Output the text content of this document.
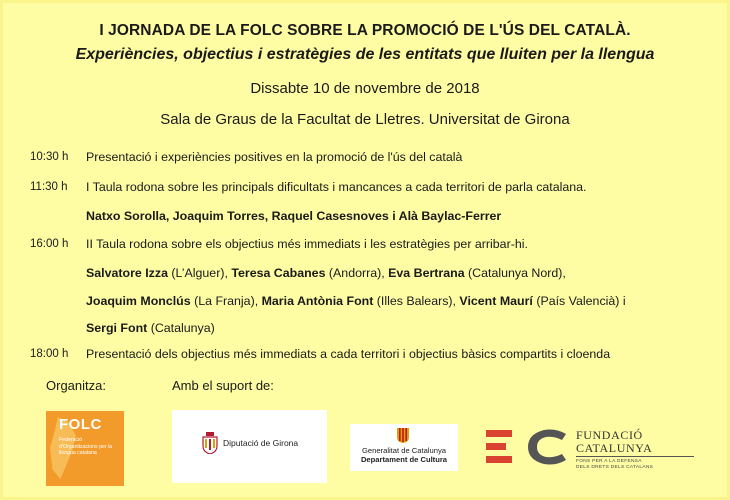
I JORNADA DE LA FOLC SOBRE LA PROMOCIÓ DE L'ÚS DEL CATALÀ.
Experiències, objectius i estratègies de les entitats que lluiten per la llengua
Dissabte 10 de novembre de 2018
Sala de Graus de la Facultat de Lletres. Universitat de Girona
10:30 h Presentació i experiències positives en la promoció de l'ús del català
11:30 h I Taula rodona sobre les principals dificultats i mancances a cada territori de parla catalana.
Natxo Sorolla, Joaquim Torres, Raquel Casesnoves i Alà Baylac-Ferrer
16:00 h II Taula rodona sobre els objectius més immediats i les estratègies per arribar-hi.
Salvatore Izza (L’Alguer), Teresa Cabanes (Andorra), Eva Bertrana (Catalunya Nord),
Joaquim Monclús (La Franja), Maria Antònia Font (Illes Balears), Vicent Maurí (País Valencià) i
Sergi Font (Catalunya)
18:00 h Presentació dels objectius més immediats a cada territori i objectius bàsics compartits i cloenda
Organitza:	Amb el suport de:
FOLC
Federació d’Organitzacions per la llengua catalana
Diputació de Girona
Generalitat de Catalunya
Departament de Cultura
FUNDACIÓ
CATALUNYA
FONS PER A LA DEFENSA
DELS DRETS DELS CATALANS
